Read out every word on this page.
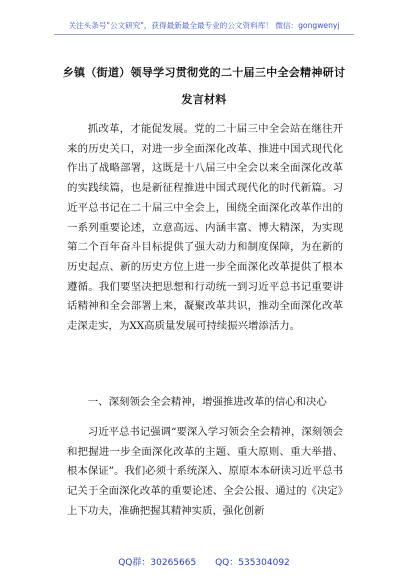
关注头条号"公文研究"，获得最新最全最专业的公文资料库！ 微信：gongwenyj
乡镇（街道）领导学习贯彻党的二十届三中全会精神研讨
发言材料

抓改革，才能促发展。党的二十届三中全会站在继往开来的历史关口，对进一步全面深化改革、推进中国式现代化作出了战略部署，这既是十八届三中全会以来全面深化改革的实践续篇，也是新征程推进中国式现代化的时代新篇。习近平总书记在二十届三中全会上，围绕全面深化改革作出的一系列重要论述，立意高远、内涵丰富、博大精深，为实现第二个百年奋斗目标提供了强大动力和制度保障，为在新的历史起点、新的历史方位上进一步全面深化改革提供了根本遵循。我们要坚决把思想和行动统一到习近平总书记重要讲话精神和全会部署上来，凝聚改革共识，推动全面深化改革走深走实，为XX高质量发展可持续振兴增添活力。

一、深刻领会全会精神，增强推进改革的信心和决心

习近平总书记强调“要深入学习领会全会精神，深刻领会和把握进一步全面深化改革的主题、重大原则、重大举措、根本保证”。我们必须十系统深入、原原本本研读习近平总书记关于全面深化改革的重要论述、全会公报、通过的《决定》上下功夫，准确把握其精神实质，强化创新

QQ群：30265665 QQ：535304092
